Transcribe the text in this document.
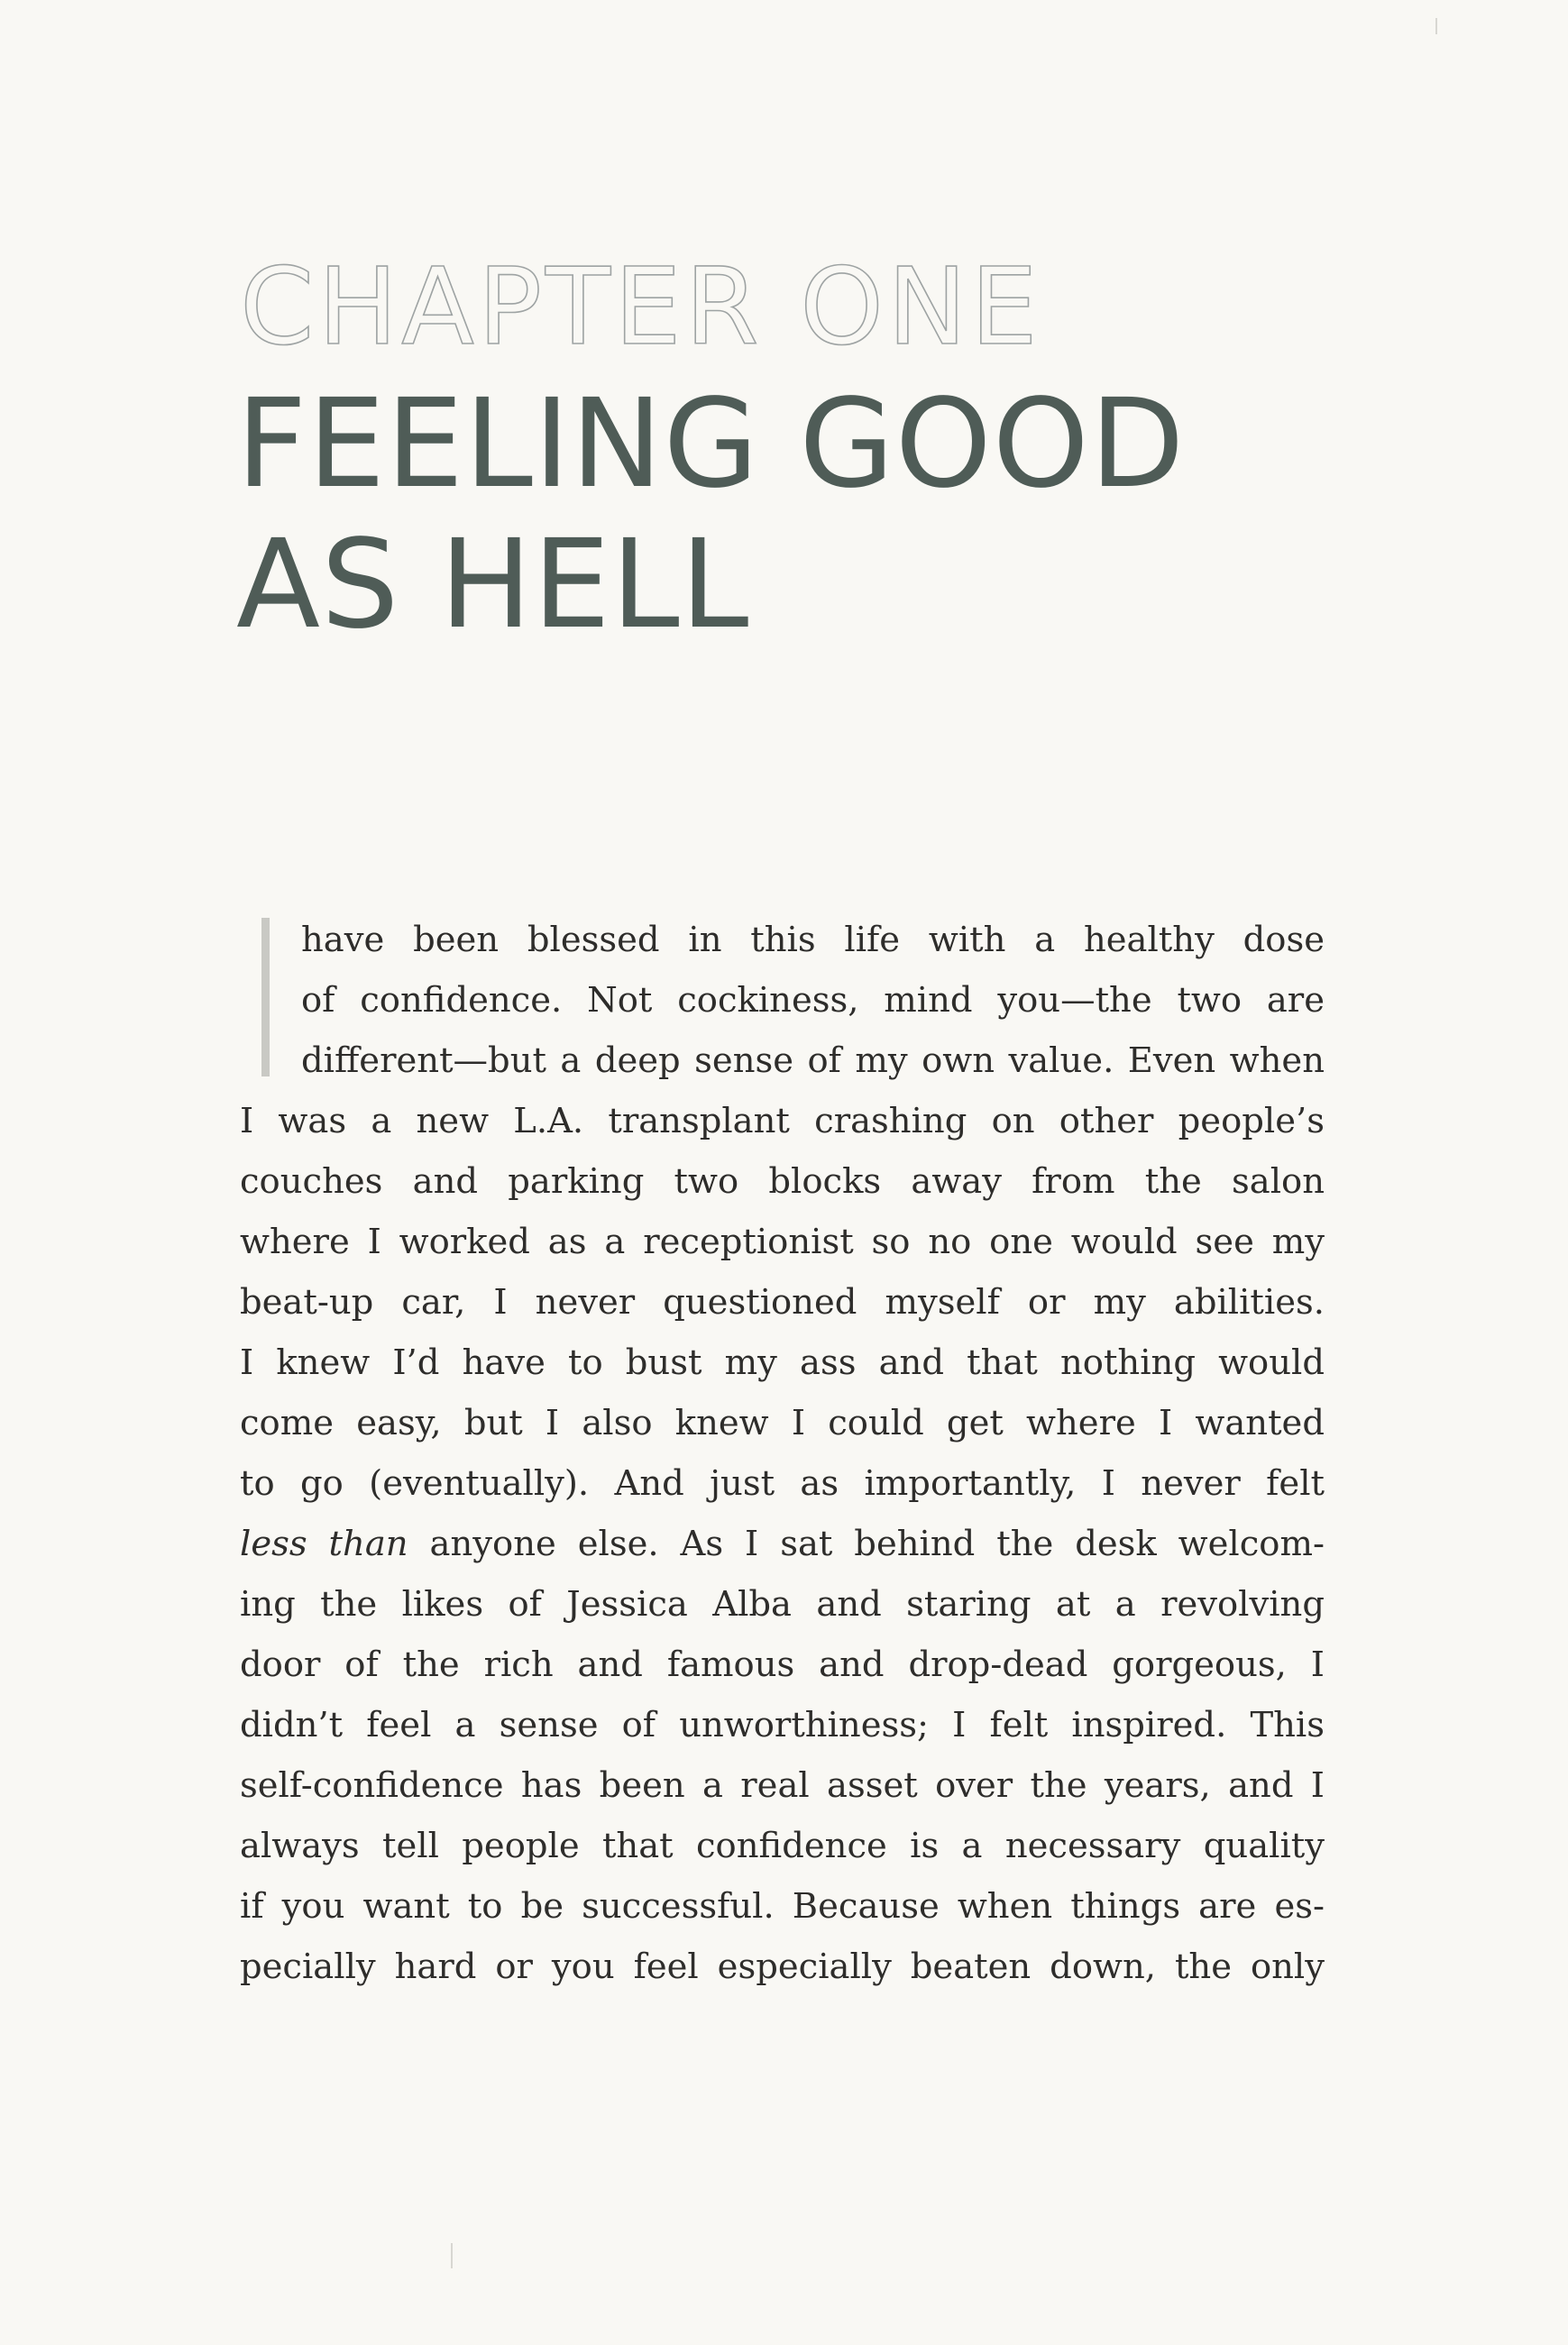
CHAPTER ONE
FEELING GOOD
AS HELL
have been blessed in this life with a healthy dose
of confidence. Not cockiness, mind you—the two are
different—but a deep sense of my own value. Even when
I was a new L.A. transplant crashing on other people’s
couches and parking two blocks away from the salon
where I worked as a receptionist so no one would see my
beat-up car, I never questioned myself or my abilities.
I knew I’d have to bust my ass and that nothing would
come easy, but I also knew I could get where I wanted
to go (eventually). And just as importantly, I never felt
less than anyone else. As I sat behind the desk welcom-
ing the likes of Jessica Alba and staring at a revolving
door of the rich and famous and drop-dead gorgeous, I
didn’t feel a sense of unworthiness; I felt inspired. This
self-confidence has been a real asset over the years, and I
always tell people that confidence is a necessary quality
if you want to be successful. Because when things are es-
pecially hard or you feel especially beaten down, the only
